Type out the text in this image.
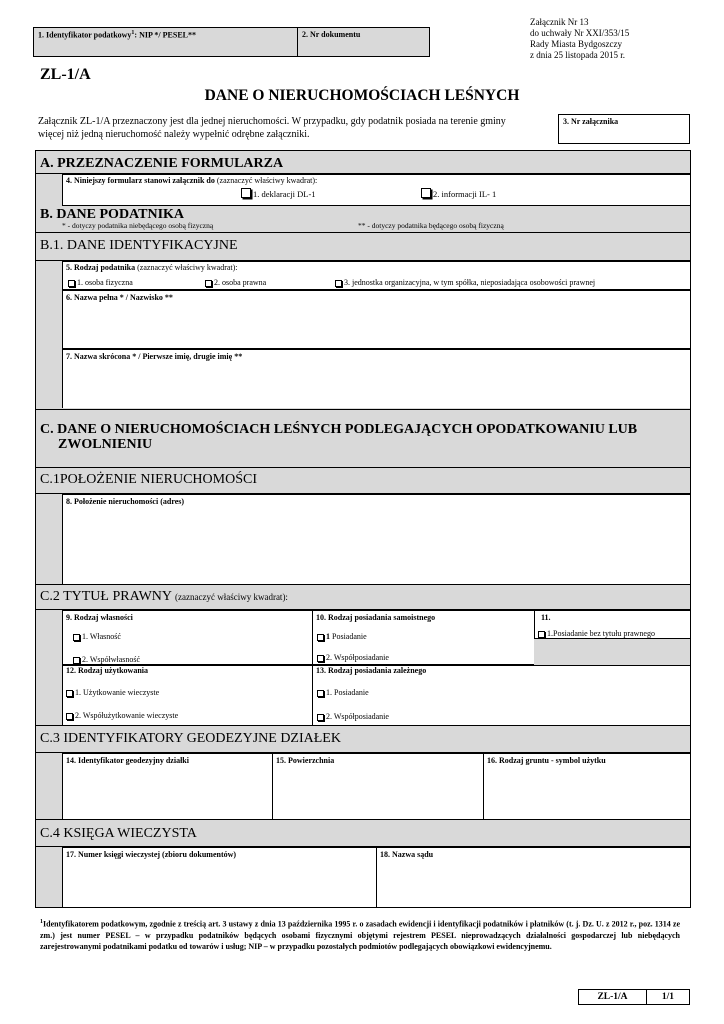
1. Identyfikator podatkowy$^1$: NIP */ PESEL**	2. Nr dokumentu
Załącznik Nr 13
do uchwały Nr XXI/353/15
Rady Miasta Bydgoszczy
z dnia 25 listopada 2015 r.
ZL-1/A
DANE O NIERUCHOMOŚCIACH LEŚNYCH
Załącznik ZL-1/A przeznaczony jest dla jednej nieruchomości. W przypadku, gdy podatnik posiada na terenie gminy więcej niż jedną nieruchomość należy wypełnić odrębne załączniki.
3. Nr załącznika
A. PRZEZNACZENIE FORMULARZA
4. Niniejszy formularz stanowi załącznik do (zaznaczyć właściwy kwadrat):
1. deklaracji DL-1	2. informacji IL- 1
B. DANE PODATNIKA
* - dotyczy podatnika niebędącego osobą fizyczną	** - dotyczy podatnika będącego osobą fizyczną
B.1. DANE IDENTYFIKACYJNE
5. Rodzaj podatnika (zaznaczyć właściwy kwadrat):
1. osoba fizyczna	2. osoba prawna	3. jednostka organizacyjna, w tym spółka, nieposiadająca osobowości prawnej
6. Nazwa pełna * / Nazwisko **
7. Nazwa skrócona * / Pierwsze imię, drugie imię **
C. DANE O NIERUCHOMOŚCIACH LEŚNYCH PODLEGAJĄCYCH OPODATKOWANIU LUB
ZWOLNIENIU
C.1POŁOŻENIE NIERUCHOMOŚCI
8. Położenie nieruchomości (adres)
C.2 TYTUŁ PRAWNY (zaznaczyć właściwy kwadrat):
9. Rodzaj własności
1. Własność
2. Współwłasność
10. Rodzaj posiadania samoistnego
1 Posiadanie
2. Współposiadanie
11.
1.Posiadanie bez tytułu prawnego
12. Rodzaj użytkowania
1. Użytkowanie wieczyste
2. Współużytkowanie wieczyste
13. Rodzaj posiadania zależnego
1. Posiadanie
2. Współposiadanie
C.3 IDENTYFIKATORY GEODEZYJNE DZIAŁEK
14. Identyfikator geodezyjny działki	15. Powierzchnia	16. Rodzaj gruntu - symbol użytku
C.4 KSIĘGA WIECZYSTA
17. Numer księgi wieczystej (zbioru dokumentów)	18. Nazwa sądu
$^1$Identyfikatorem podatkowym, zgodnie z treścią art. 3 ustawy z dnia 13 października 1995 r. o zasadach ewidencji i identyfikacji podatników i płatników (t. j. Dz. U. z 2012 r., poz. 1314 ze zm.) jest numer PESEL – w przypadku podatników będących osobami fizycznymi objętymi rejestrem PESEL nieprowadzących działalności gospodarczej lub niebędących zarejestrowanymi podatnikami podatku od towarów i usług; NIP – w przypadku pozostałych podmiotów podlegających obowiązkowi ewidencyjnemu.
ZL-1/A	1/1
